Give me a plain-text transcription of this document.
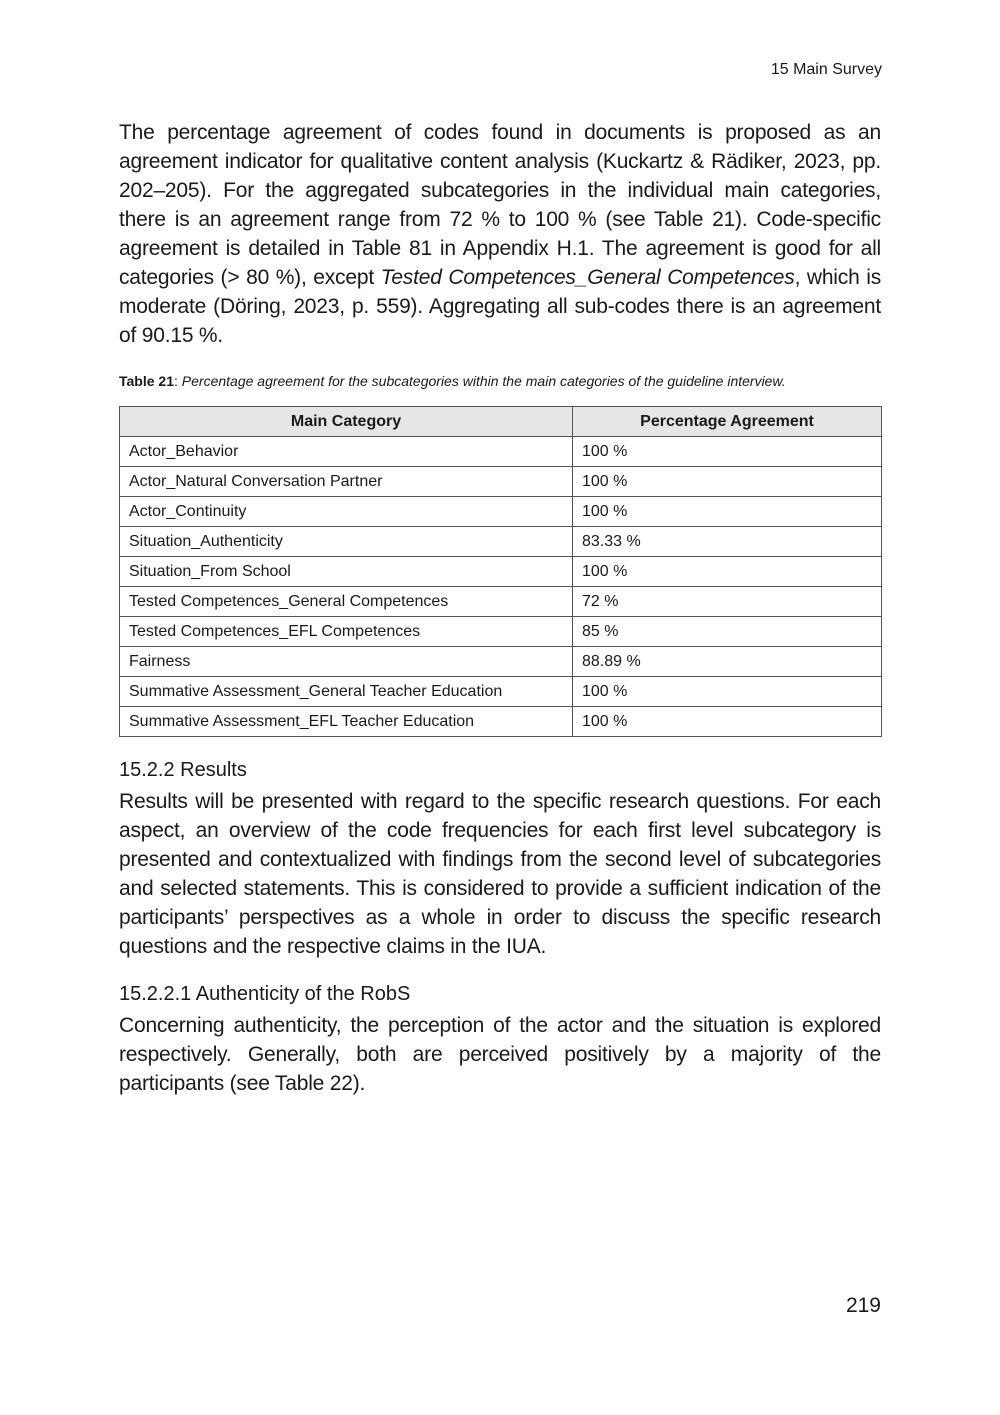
15 Main Survey

The percentage agreement of codes found in documents is proposed as an agreement indicator for qualitative content analysis (Kuckartz & Rädiker, 2023, pp. 202–205). For the aggregated subcategories in the individual main categories, there is an agreement range from 72 % to 100 % (see Table 21). Code-specific agreement is detailed in Table 81 in Appendix H.1. The agreement is good for all categories (> 80 %), except Tested Competences_General Competences, which is moderate (Döring, 2023, p. 559). Aggregating all sub-codes there is an agreement of 90.15 %.

Table 21: Percentage agreement for the subcategories within the main categories of the guideline interview.
Main Category	Percentage Agreement
Actor_Behavior	100 %
Actor_Natural Conversation Partner	100 %
Actor_Continuity	100 %
Situation_Authenticity	83.33 %
Situation_From School	100 %
Tested Competences_General Competences	72 %
Tested Competences_EFL Competences	85 %
Fairness	88.89 %
Summative Assessment_General Teacher Education	100 %
Summative Assessment_EFL Teacher Education	100 %
15.2.2 Results

Results will be presented with regard to the specific research questions. For each aspect, an overview of the code frequencies for each first level subcategory is presented and contextualized with findings from the second level of subcategories and selected statements. This is considered to provide a sufficient indication of the participants’ perspectives as a whole in order to discuss the specific research questions and the respective claims in the IUA.

15.2.2.1 Authenticity of the RobS

Concerning authenticity, the perception of the actor and the situation is explored respectively. Generally, both are perceived positively by a majority of the participants (see Table 22).

219
